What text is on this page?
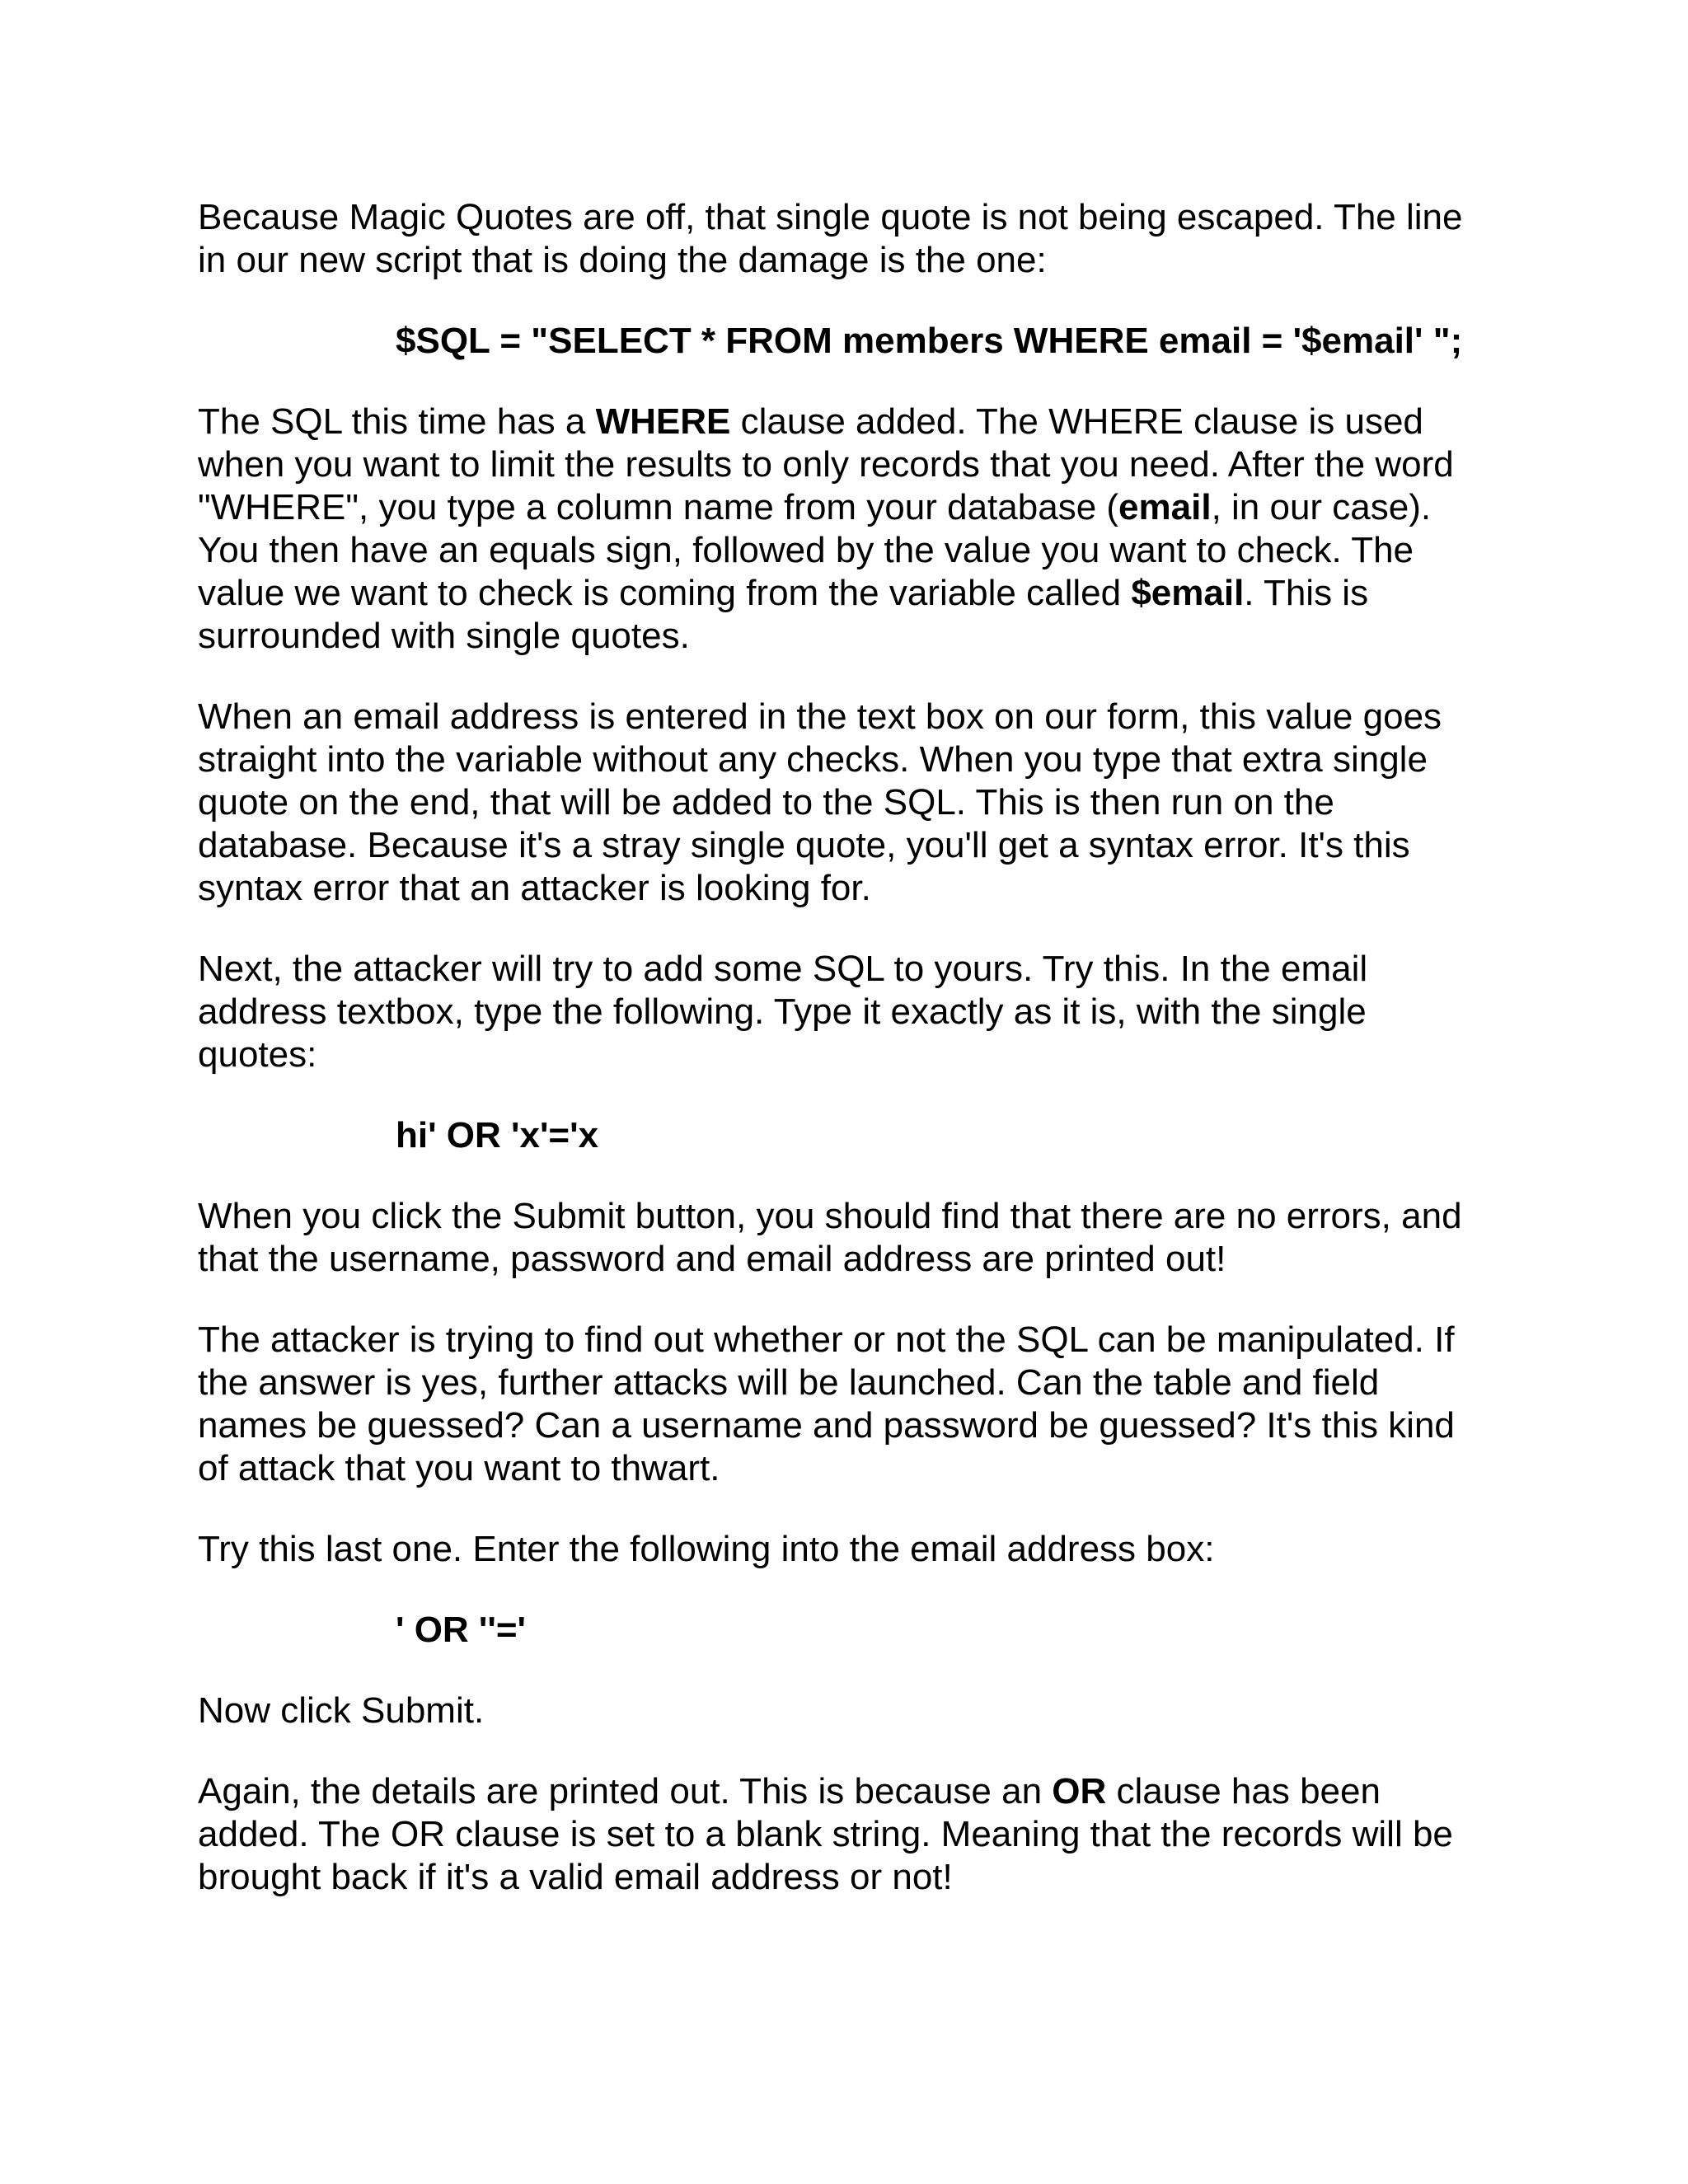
Because Magic Quotes are off, that single quote is not being escaped. The line in our new script that is doing the damage is the one:

$SQL = "SELECT * FROM members WHERE email = '$email' ";

The SQL this time has a WHERE clause added. The WHERE clause is used when you want to limit the results to only records that you need. After the word "WHERE", you type a column name from your database (email, in our case). You then have an equals sign, followed by the value you want to check. The value we want to check is coming from the variable called $email. This is surrounded with single quotes.

When an email address is entered in the text box on our form, this value goes straight into the variable without any checks. When you type that extra single quote on the end, that will be added to the SQL. This is then run on the database. Because it's a stray single quote, you'll get a syntax error. It's this syntax error that an attacker is looking for.

Next, the attacker will try to add some SQL to yours. Try this. In the email address textbox, type the following. Type it exactly as it is, with the single quotes:

hi' OR 'x'='x

When you click the Submit button, you should find that there are no errors, and that the username, password and email address are printed out!

The attacker is trying to find out whether or not the SQL can be manipulated. If the answer is yes, further attacks will be launched. Can the table and field names be guessed? Can a username and password be guessed? It's this kind of attack that you want to thwart.

Try this last one. Enter the following into the email address box:

' OR ''='

Now click Submit.

Again, the details are printed out. This is because an OR clause has been added. The OR clause is set to a blank string. Meaning that the records will be brought back if it's a valid email address or not!
